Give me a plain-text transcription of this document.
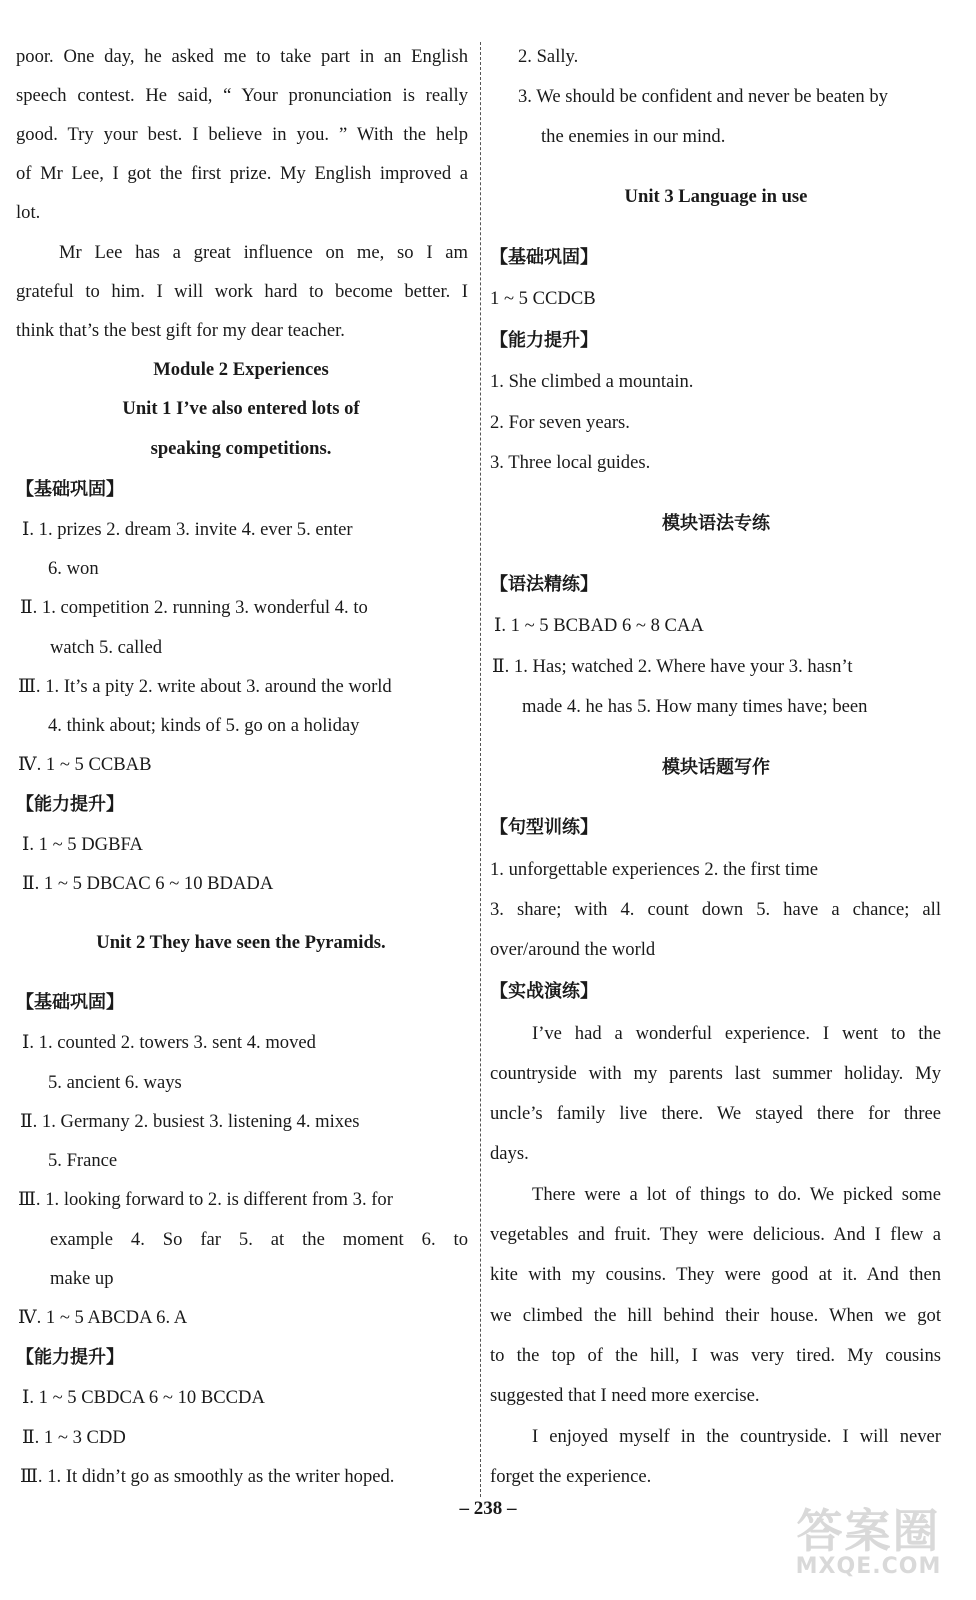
poor. One day, he asked me to take part in an English
speech contest. He said, “ Your pronunciation is really
good. Try your best. I believe in you. ” With the help
of Mr Lee, I got the first prize. My English improved a
lot.
Mr Lee has a great influence on me, so I am
grateful to him. I will work hard to become better. I
think that’s the best gift for my dear teacher.
Module 2 Experiences
Unit 1 I’ve also entered lots of
speaking competitions.
【基础巩固】
Ⅰ. 1. prizes 2. dream 3. invite 4. ever 5. enter
6. won
Ⅱ. 1. competition 2. running 3. wonderful 4. to
watch 5. called
Ⅲ. 1. It’s a pity 2. write about 3. around the world
4. think about; kinds of 5. go on a holiday
Ⅳ. 1 ~ 5 CCBAB
【能力提升】
Ⅰ. 1 ~ 5 DGBFA
Ⅱ. 1 ~ 5 DBCAC 6 ~ 10 BDADA
Unit 2 They have seen the Pyramids.
【基础巩固】
Ⅰ. 1. counted 2. towers 3. sent 4. moved
5. ancient 6. ways
Ⅱ. 1. Germany 2. busiest 3. listening 4. mixes
5. France
Ⅲ. 1. looking forward to 2. is different from 3. for
example 4. So far 5. at the moment 6. to
make up
Ⅳ. 1 ~ 5 ABCDA 6. A
【能力提升】
Ⅰ. 1 ~ 5 CBDCA 6 ~ 10 BCCDA
Ⅱ. 1 ~ 3 CDD
Ⅲ. 1. It didn’t go as smoothly as the writer hoped.
2. Sally.
3. We should be confident and never be beaten by
the enemies in our mind.
Unit 3 Language in use
【基础巩固】
1 ~ 5 CCDCB
【能力提升】
1. She climbed a mountain.
2. For seven years.
3. Three local guides.
模块语法专练
【语法精练】
Ⅰ. 1 ~ 5 BCBAD 6 ~ 8 CAA
Ⅱ. 1. Has; watched 2. Where have your 3. hasn’t
made 4. he has 5. How many times have; been
模块话题写作
【句型训练】
1. unforgettable experiences 2. the first time
3. share; with 4. count down 5. have a chance; all
over/around the world
【实战演练】
I’ve had a wonderful experience. I went to the
countryside with my parents last summer holiday. My
uncle’s family live there. We stayed there for three
days.
There were a lot of things to do. We picked some
vegetables and fruit. They were delicious. And I flew a
kite with my cousins. They were good at it. And then
we climbed the hill behind their house. When we got
to the top of the hill, I was very tired. My cousins
suggested that I need more exercise.
I enjoyed myself in the countryside. I will never
forget the experience.
– 238 –	答案圈
MXQE.COM
